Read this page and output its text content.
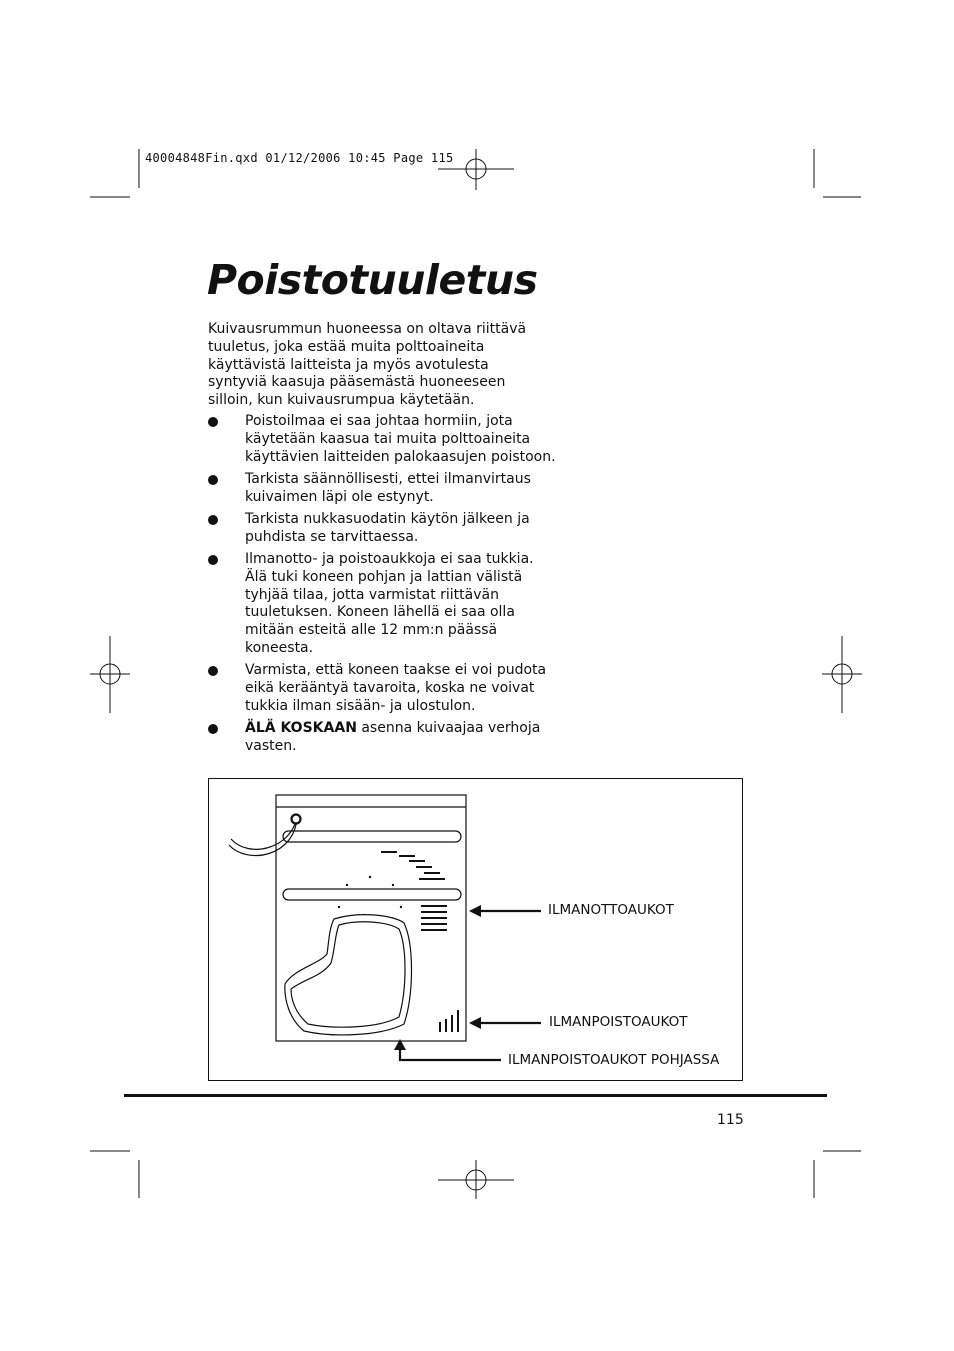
40004848Fin.qxd 01/12/2006 10:45 Page 115
Poistotuuletus

Kuivausrummun huoneessa on oltava riittävä tuuletus, joka estää muita polttoaineita käyttävistä laitteista ja myös avotulesta syntyviä kaasuja pääsemästä huoneeseen silloin, kun kuivausrumpua käytetään.

Poistoilmaa ei saa johtaa hormiin, jota käytetään kaasua tai muita polttoaineita käyttävien laitteiden palokaasujen poistoon.
Tarkista säännöllisesti, ettei ilmanvirtaus kuivaimen läpi ole estynyt.
Tarkista nukkasuodatin käytön jälkeen ja puhdista se tarvittaessa.
Ilmanotto- ja poistoaukkoja ei saa tukkia. Älä tuki koneen pohjan ja lattian välistä tyhjää tilaa, jotta varmistat riittävän tuuletuksen. Koneen lähellä ei saa olla mitään esteitä alle 12 mm:n päässä koneesta.
Varmista, että koneen taakse ei voi pudota eikä kerääntyä tavaroita, koska ne voivat tukkia ilman sisään- ja ulostulon.
ÄLÄ KOSKAAN asenna kuivaajaa verhoja vasten.
ILMANOTTOAUKOT
ILMANPOISTOAUKOT
ILMANPOISTOAUKOT POHJASSA
115
